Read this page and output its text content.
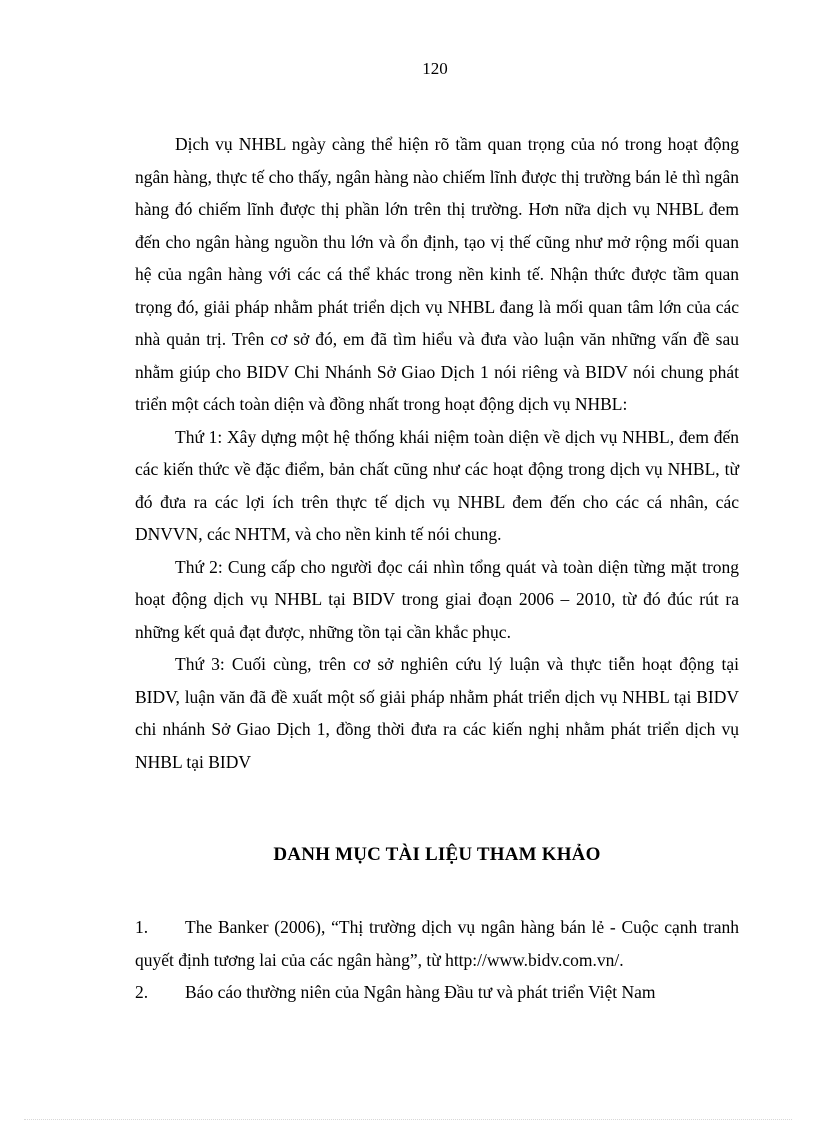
120

Dịch vụ NHBL ngày càng thể hiện rõ tầm quan trọng của nó trong hoạt động ngân hàng, thực tế cho thấy, ngân hàng nào chiếm lĩnh được thị trường bán lẻ thì ngân hàng đó chiếm lĩnh được thị phần lớn trên thị trường. Hơn nữa dịch vụ NHBL đem đến cho ngân hàng nguồn thu lớn và ổn định, tạo vị thế cũng như mở rộng mối quan hệ của ngân hàng với các cá thể khác trong nền kinh tế. Nhận thức được tầm quan trọng đó, giải pháp nhằm phát triển dịch vụ NHBL đang là mối quan tâm lớn của các nhà quản trị. Trên cơ sở đó, em đã tìm hiểu và đưa vào luận văn những vấn đề sau nhằm giúp cho BIDV Chi Nhánh Sở Giao Dịch 1 nói riêng và BIDV nói chung phát triển một cách toàn diện và đồng nhất trong hoạt động dịch vụ NHBL:

Thứ 1: Xây dựng một hệ thống khái niệm toàn diện về dịch vụ NHBL, đem đến các kiến thức về đặc điểm, bản chất cũng như các hoạt động trong dịch vụ NHBL, từ đó đưa ra các lợi ích trên thực tế dịch vụ NHBL đem đến cho các cá nhân, các DNVVN, các NHTM, và cho nền kinh tế nói chung.

Thứ 2: Cung cấp cho người đọc cái nhìn tổng quát và toàn diện từng mặt trong hoạt động dịch vụ NHBL tại BIDV trong giai đoạn 2006 – 2010, từ đó đúc rút ra những kết quả đạt được, những tồn tại cần khắc phục.

Thứ 3: Cuối cùng, trên cơ sở nghiên cứu lý luận và thực tiễn hoạt động tại BIDV, luận văn đã đề xuất một số giải pháp nhằm phát triển dịch vụ NHBL tại BIDV chi nhánh Sở Giao Dịch 1, đồng thời đưa ra các kiến nghị nhằm phát triển dịch vụ NHBL tại BIDV

DANH MỤC TÀI LIỆU THAM KHẢO
1. The Banker (2006), “Thị trường dịch vụ ngân hàng bán lẻ - Cuộc cạnh tranh quyết định tương lai của các ngân hàng”, từ http://www.bidv.com.vn/.
2. Báo cáo thường niên của Ngân hàng Đầu tư và phát triển Việt Nam
